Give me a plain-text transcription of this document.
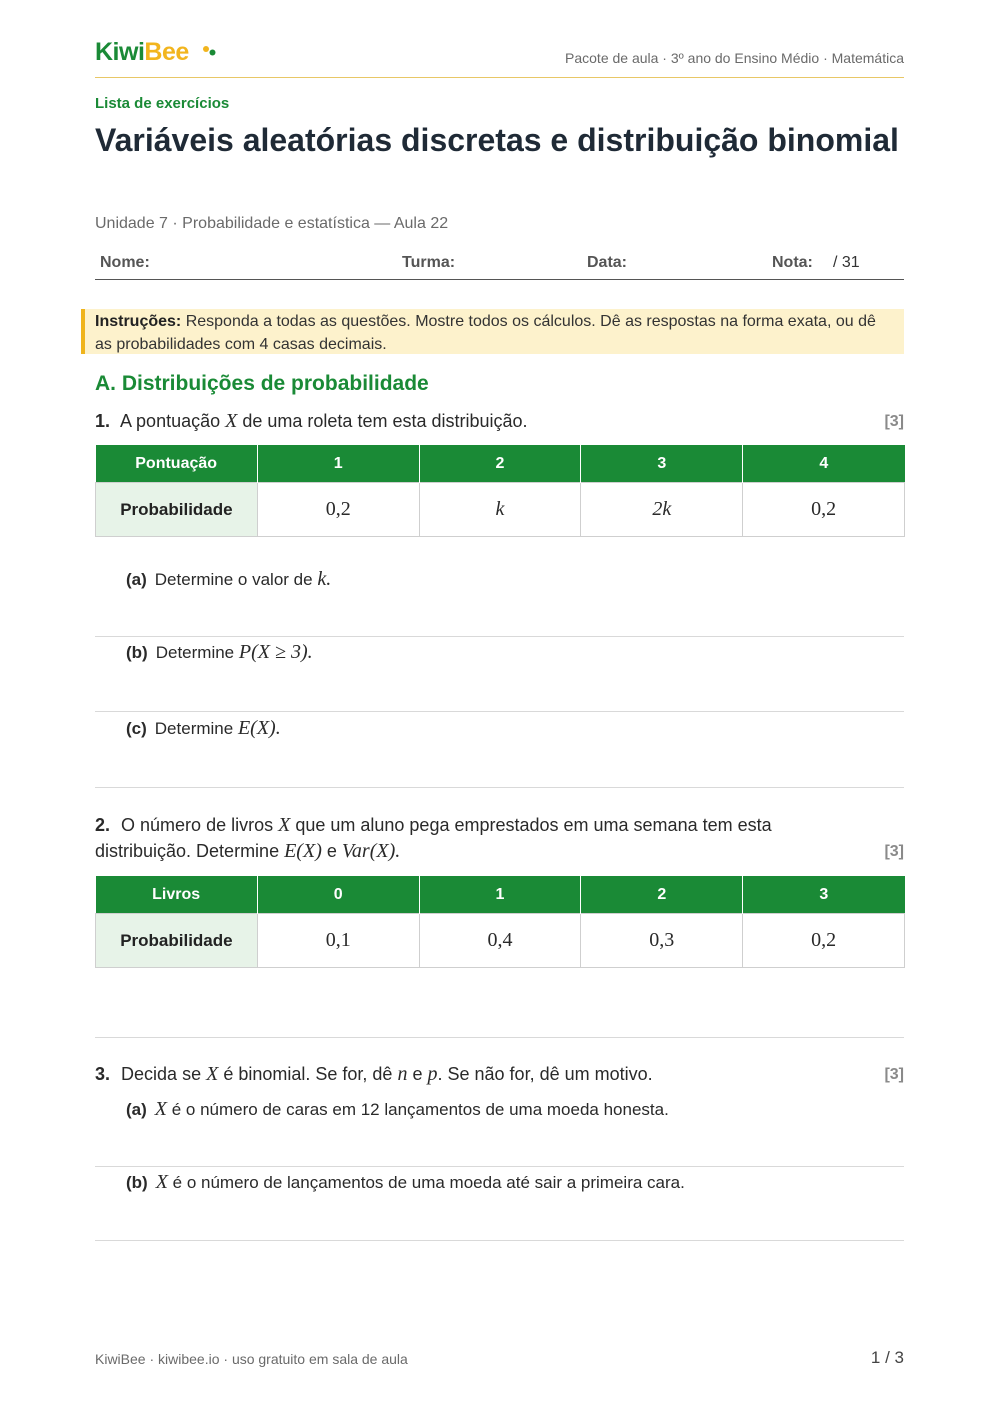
KiwiBee	Pacote de aula · 3º ano do Ensino Médio · Matemática
Lista de exercícios
Variáveis aleatórias discretas e distribuição binomial
Unidade 7 · Probabilidade e estatística — Aula 22
Nome:	Turma:	Data:	Nota: / 31
Instruções: Responda a todas as questões. Mostre todos os cálculos. Dê as respostas na forma exata, ou dê as probabilidades com 4 casas decimais.
A. Distribuições de probabilidade
1. A pontuação X de uma roleta tem esta distribuição.	[3]
Pontuação	1	2	3	4
Probabilidade	0,2	k	2k	0,2
(a) Determine o valor de k.
(b) Determine P(X ≥ 3).
(c) Determine E(X).
2. O número de livros X que um aluno pega emprestados em uma semana tem esta
distribuição. Determine E(X) e Var(X).	[3]
Livros	0	1	2	3
Probabilidade	0,1	0,4	0,3	0,2
3. Decida se X é binomial. Se for, dê n e p. Se não for, dê um motivo.	[3]
(a) X é o número de caras em 12 lançamentos de uma moeda honesta.
(b) X é o número de lançamentos de uma moeda até sair a primeira cara.
KiwiBee · kiwibee.io · uso gratuito em sala de aula	1 / 3
